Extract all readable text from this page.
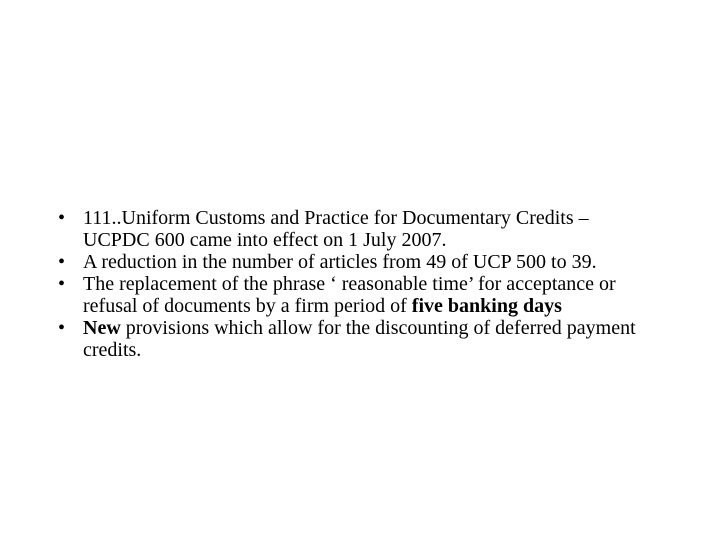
• 111..Uniform Customs and Practice for Documentary Credits – UCPDC 600 came into effect on 1 July 2007.
• A reduction in the number of articles from 49 of UCP 500 to 39.
• The replacement of the phrase ‘ reasonable time’ for acceptance or refusal of documents by a firm period of five banking days
• New provisions which allow for the discounting of deferred payment credits.
